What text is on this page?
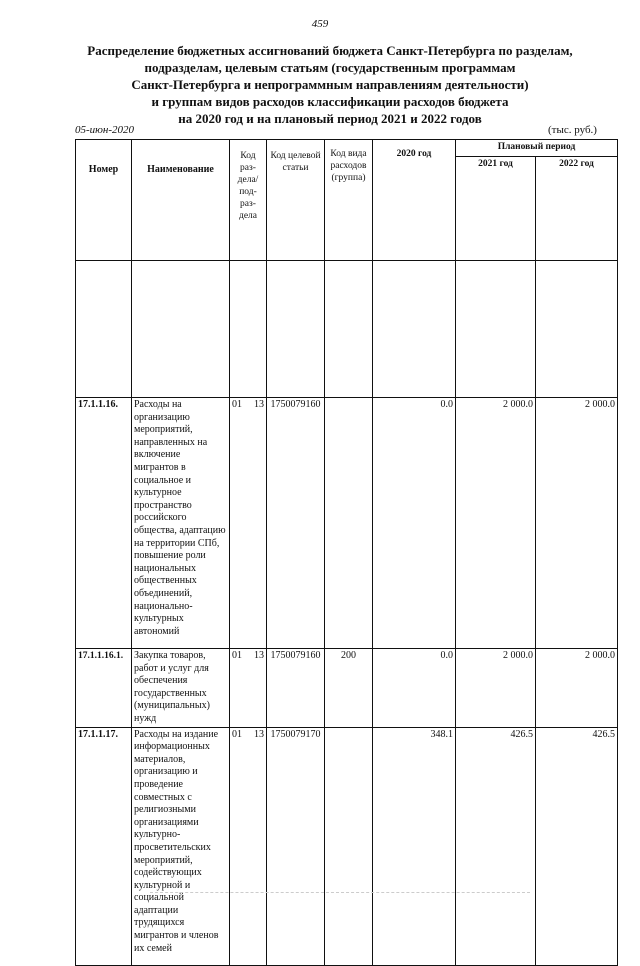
459
Распределение бюджетных ассигнований бюджета Санкт-Петербурга по разделам,
подразделам, целевым статьям (государственным программам
Санкт-Петербурга и непрограммным направлениям деятельности)
и группам видов расходов классификации расходов бюджета
на 2020 год и на плановый период 2021 и 2022 годов
05-июн-2020	(тыс. руб.)
Номер	Наименование	Код раз- дела/ под- раз- дела	Код целевой статьи	Код вида расходов (группа)	2020 год	Плановый период	
						2021 год	2022 год

17.1.1.16.	Расходы на организацию мероприятий, направленных на включение мигрантов в социальное и культурное пространство российского общества, адаптацию на территории СПб, повышение роли национальных общественных объединений, национально-культурных автономий	01 13	1750079160		0.0	2 000.0	2 000.0
17.1.1.16.1.	Закупка товаров, работ и услуг для обеспечения государственных (муниципальных) нужд	01 13	1750079160	200	0.0	2 000.0	2 000.0
17.1.1.17.	Расходы на издание информационных материалов, организацию и проведение совместных с религиозными организациями культурно-просветительских мероприятий, содействующих культурной и социальной адаптации трудящихся мигрантов и членов их семей	01 13	1750079170		348.1	426.5	426.5
